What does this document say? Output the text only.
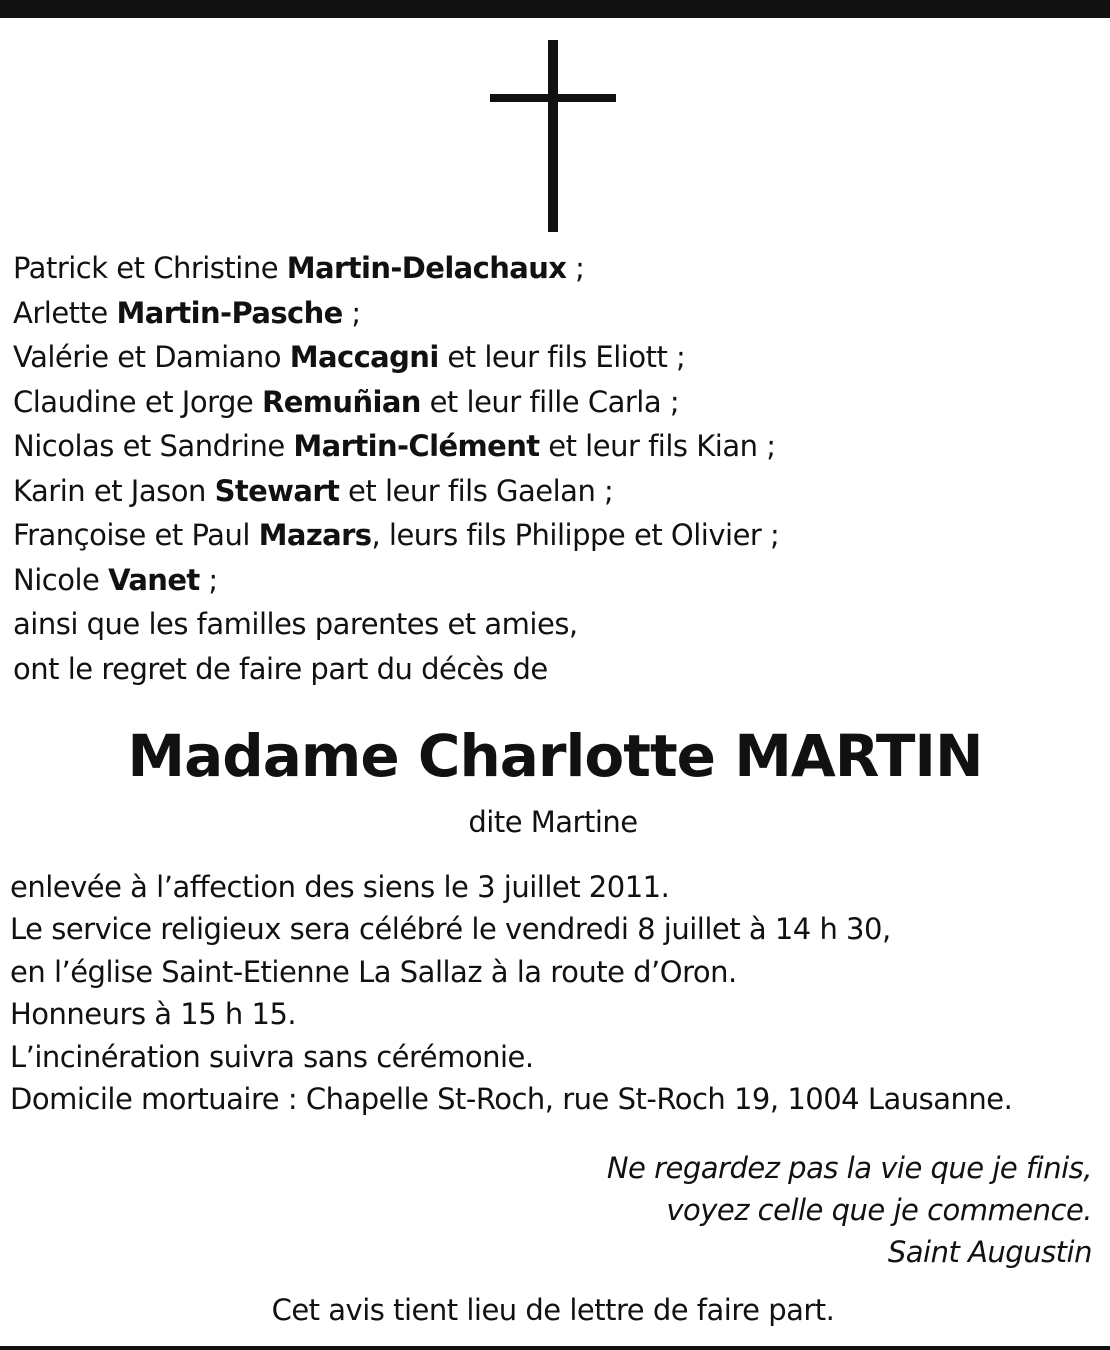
Patrick et Christine Martin-Delachaux ;
Arlette Martin-Pasche ;
Valérie et Damiano Maccagni et leur fils Eliott ;
Claudine et Jorge Remuñian et leur fille Carla ;
Nicolas et Sandrine Martin-Clément et leur fils Kian ;
Karin et Jason Stewart et leur fils Gaelan ;
Françoise et Paul Mazars, leurs fils Philippe et Olivier ;
Nicole Vanet ;
ainsi que les familles parentes et amies,
ont le regret de faire part du décès de
Madame Charlotte MARTIN
dite Martine
enlevée à l’affection des siens le 3 juillet 2011.
Le service religieux sera célébré le vendredi 8 juillet à 14 h 30,
en l’église Saint-Etienne La Sallaz à la route d’Oron.
Honneurs à 15 h 15.
L’incinération suivra sans cérémonie.
Domicile mortuaire : Chapelle St-Roch, rue St-Roch 19, 1004 Lausanne.
Ne regardez pas la vie que je finis,
voyez celle que je commence.
Saint Augustin
Cet avis tient lieu de lettre de faire part.
